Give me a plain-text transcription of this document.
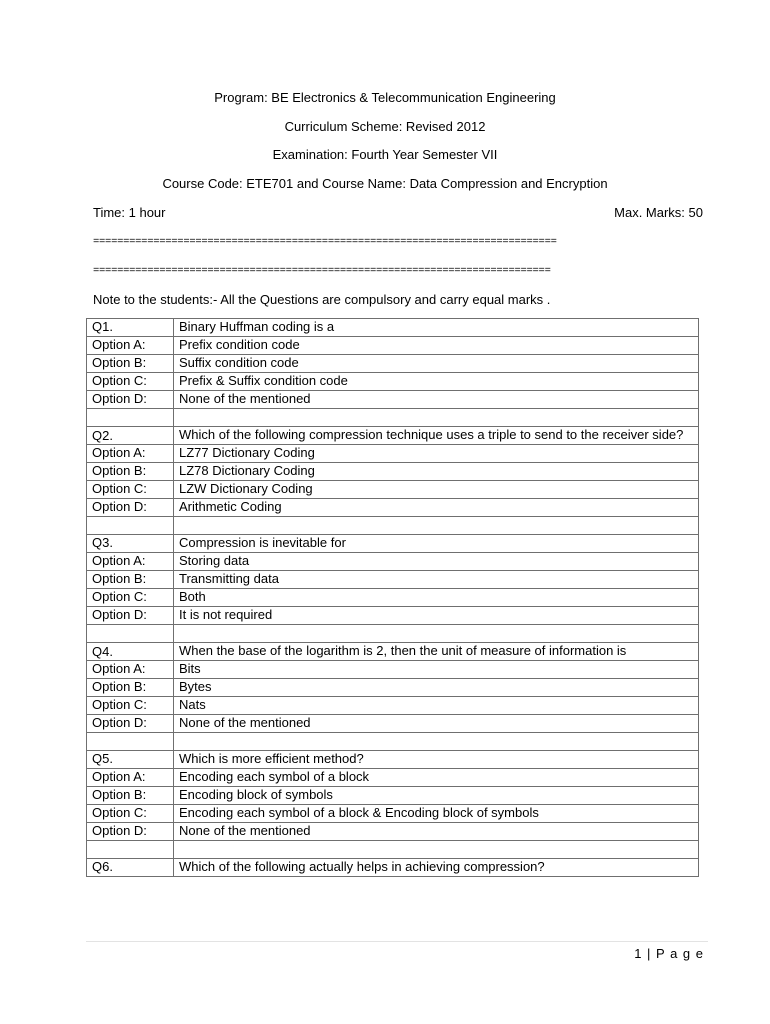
Program: BE Electronics & Telecommunication Engineering
Curriculum Scheme: Revised 2012
Examination: Fourth Year Semester VII
Course Code: ETE701 and Course Name: Data Compression and Encryption
Time: 1 hour	Max. Marks: 50
=============================================================================
============================================================================
Note to the students:- All the Questions are compulsory and carry equal marks .
Q1.	Binary Huffman coding is a
Option A:	Prefix condition code
Option B:	Suffix condition code
Option C:	Prefix & Suffix condition code
Option D:	None of the mentioned

Q2.	Which of the following compression technique uses a triple to send to the receiver side?
Option A:	LZ77 Dictionary Coding
Option B:	LZ78 Dictionary Coding
Option C:	LZW Dictionary Coding
Option D:	Arithmetic Coding

Q3.	Compression is inevitable for
Option A:	Storing data
Option B:	Transmitting data
Option C:	Both
Option D:	It is not required

Q4.	When the base of the logarithm is 2, then the unit of measure of information is
Option A:	Bits
Option B:	Bytes
Option C:	Nats
Option D:	None of the mentioned

Q5.	Which is more efficient method?
Option A:	Encoding each symbol of a block
Option B:	Encoding block of symbols
Option C:	Encoding each symbol of a block & Encoding block of symbols
Option D:	None of the mentioned

Q6.	Which of the following actually helps in achieving compression?
1 | P a g e
